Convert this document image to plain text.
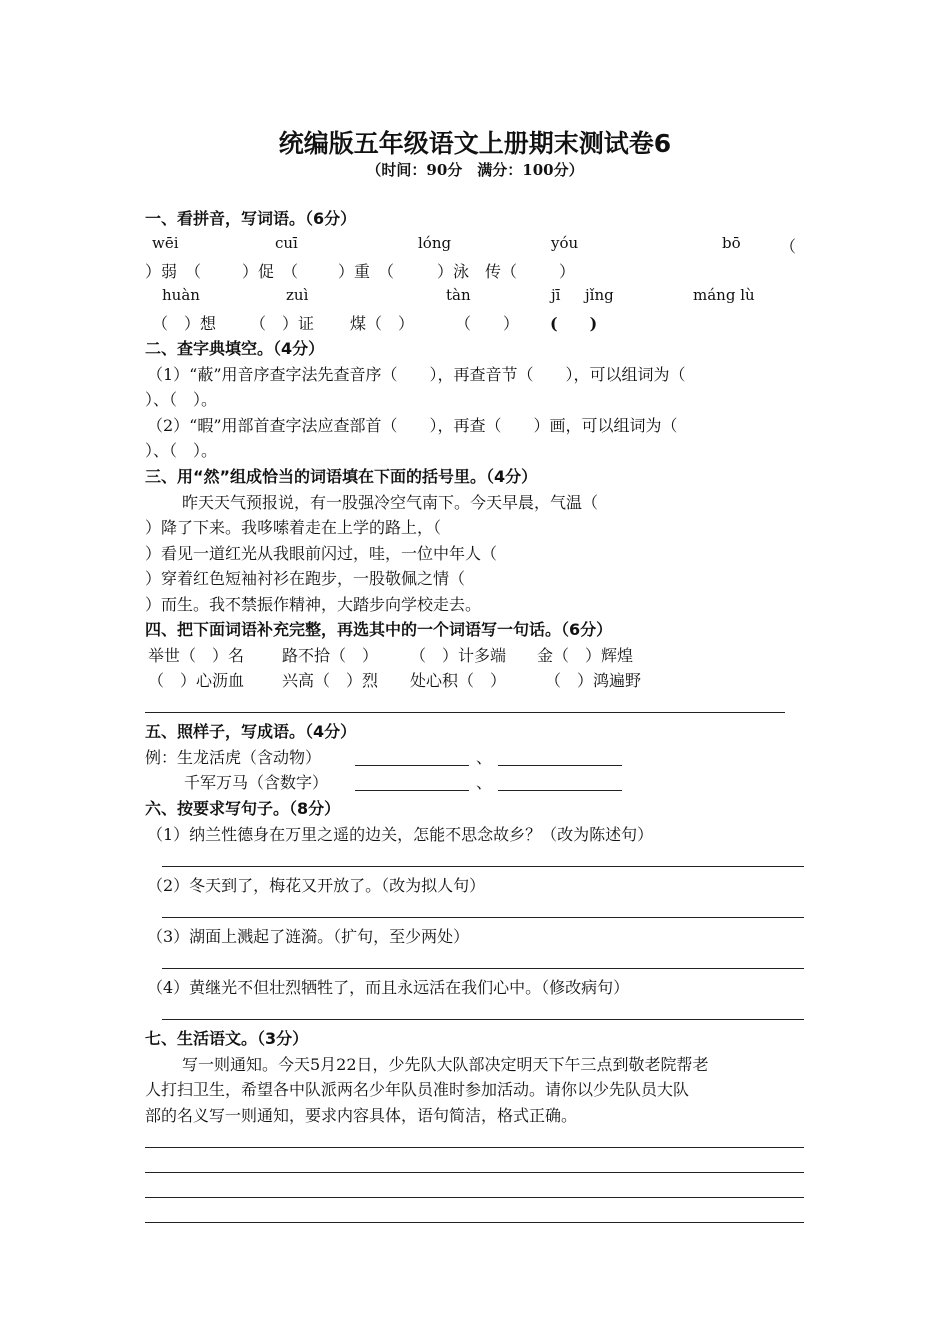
统编版五年级语文上册期末测试卷6
（时间：90分　满分：100分）
一、看拼音，写词语。（6分）
wēi	cuī	lóng	yóu	bō （
）弱　（	）促　（ ）重　（	）泳　传（	）
huàn	zuì	tàn	jī jǐng	máng lù
（　）想 （　）证 煤（　）	（　　） (　　)
二、查字典填空。（4分）
（1）“蔽”用音序查字法先查音序（　　），再查音节（　　），可以组词为（
）、（　）。
（2）“暇”用部首查字法应查部首（　　），再查（　　）画，可以组词为（
）、（　）。
三、用“然”组成恰当的词语填在下面的括号里。（4分）
昨天天气预报说，有一股强冷空气南下。今天早晨，气温（
）降了下来。我哆嗦着走在上学的路上，（
）看见一道红光从我眼前闪过，哇，一位中年人（
）穿着红色短袖衬衫在跑步，一股敬佩之情（
）而生。我不禁振作精神，大踏步向学校走去。
四、把下面词语补充完整，再选其中的一个词语写一句话。（6分）
举世（　）名 路不拾（　） （　）计多端 金（　）辉煌
（　）心沥血 兴高（　）烈 处心积（　） （　）鸿遍野
五、照样子，写成语。（4分）
例：生龙活虎（含动物）	、
千军万马（含数字）	、
六、按要求写句子。（8分）
（1）纳兰性德身在万里之遥的边关，怎能不思念故乡？（改为陈述句）
（2）冬天到了，梅花又开放了。（改为拟人句）
（3）湖面上溅起了涟漪。（扩句，至少两处）
（4）黄继光不但壮烈牺牲了，而且永远活在我们心中。（修改病句）
七、生活语文。（3分）
写一则通知。今天5月22日，少先队大队部决定明天下午三点到敬老院帮老
人打扫卫生，希望各中队派两名少年队员准时参加活动。请你以少先队员大队
部的名义写一则通知，要求内容具体，语句简洁，格式正确。
